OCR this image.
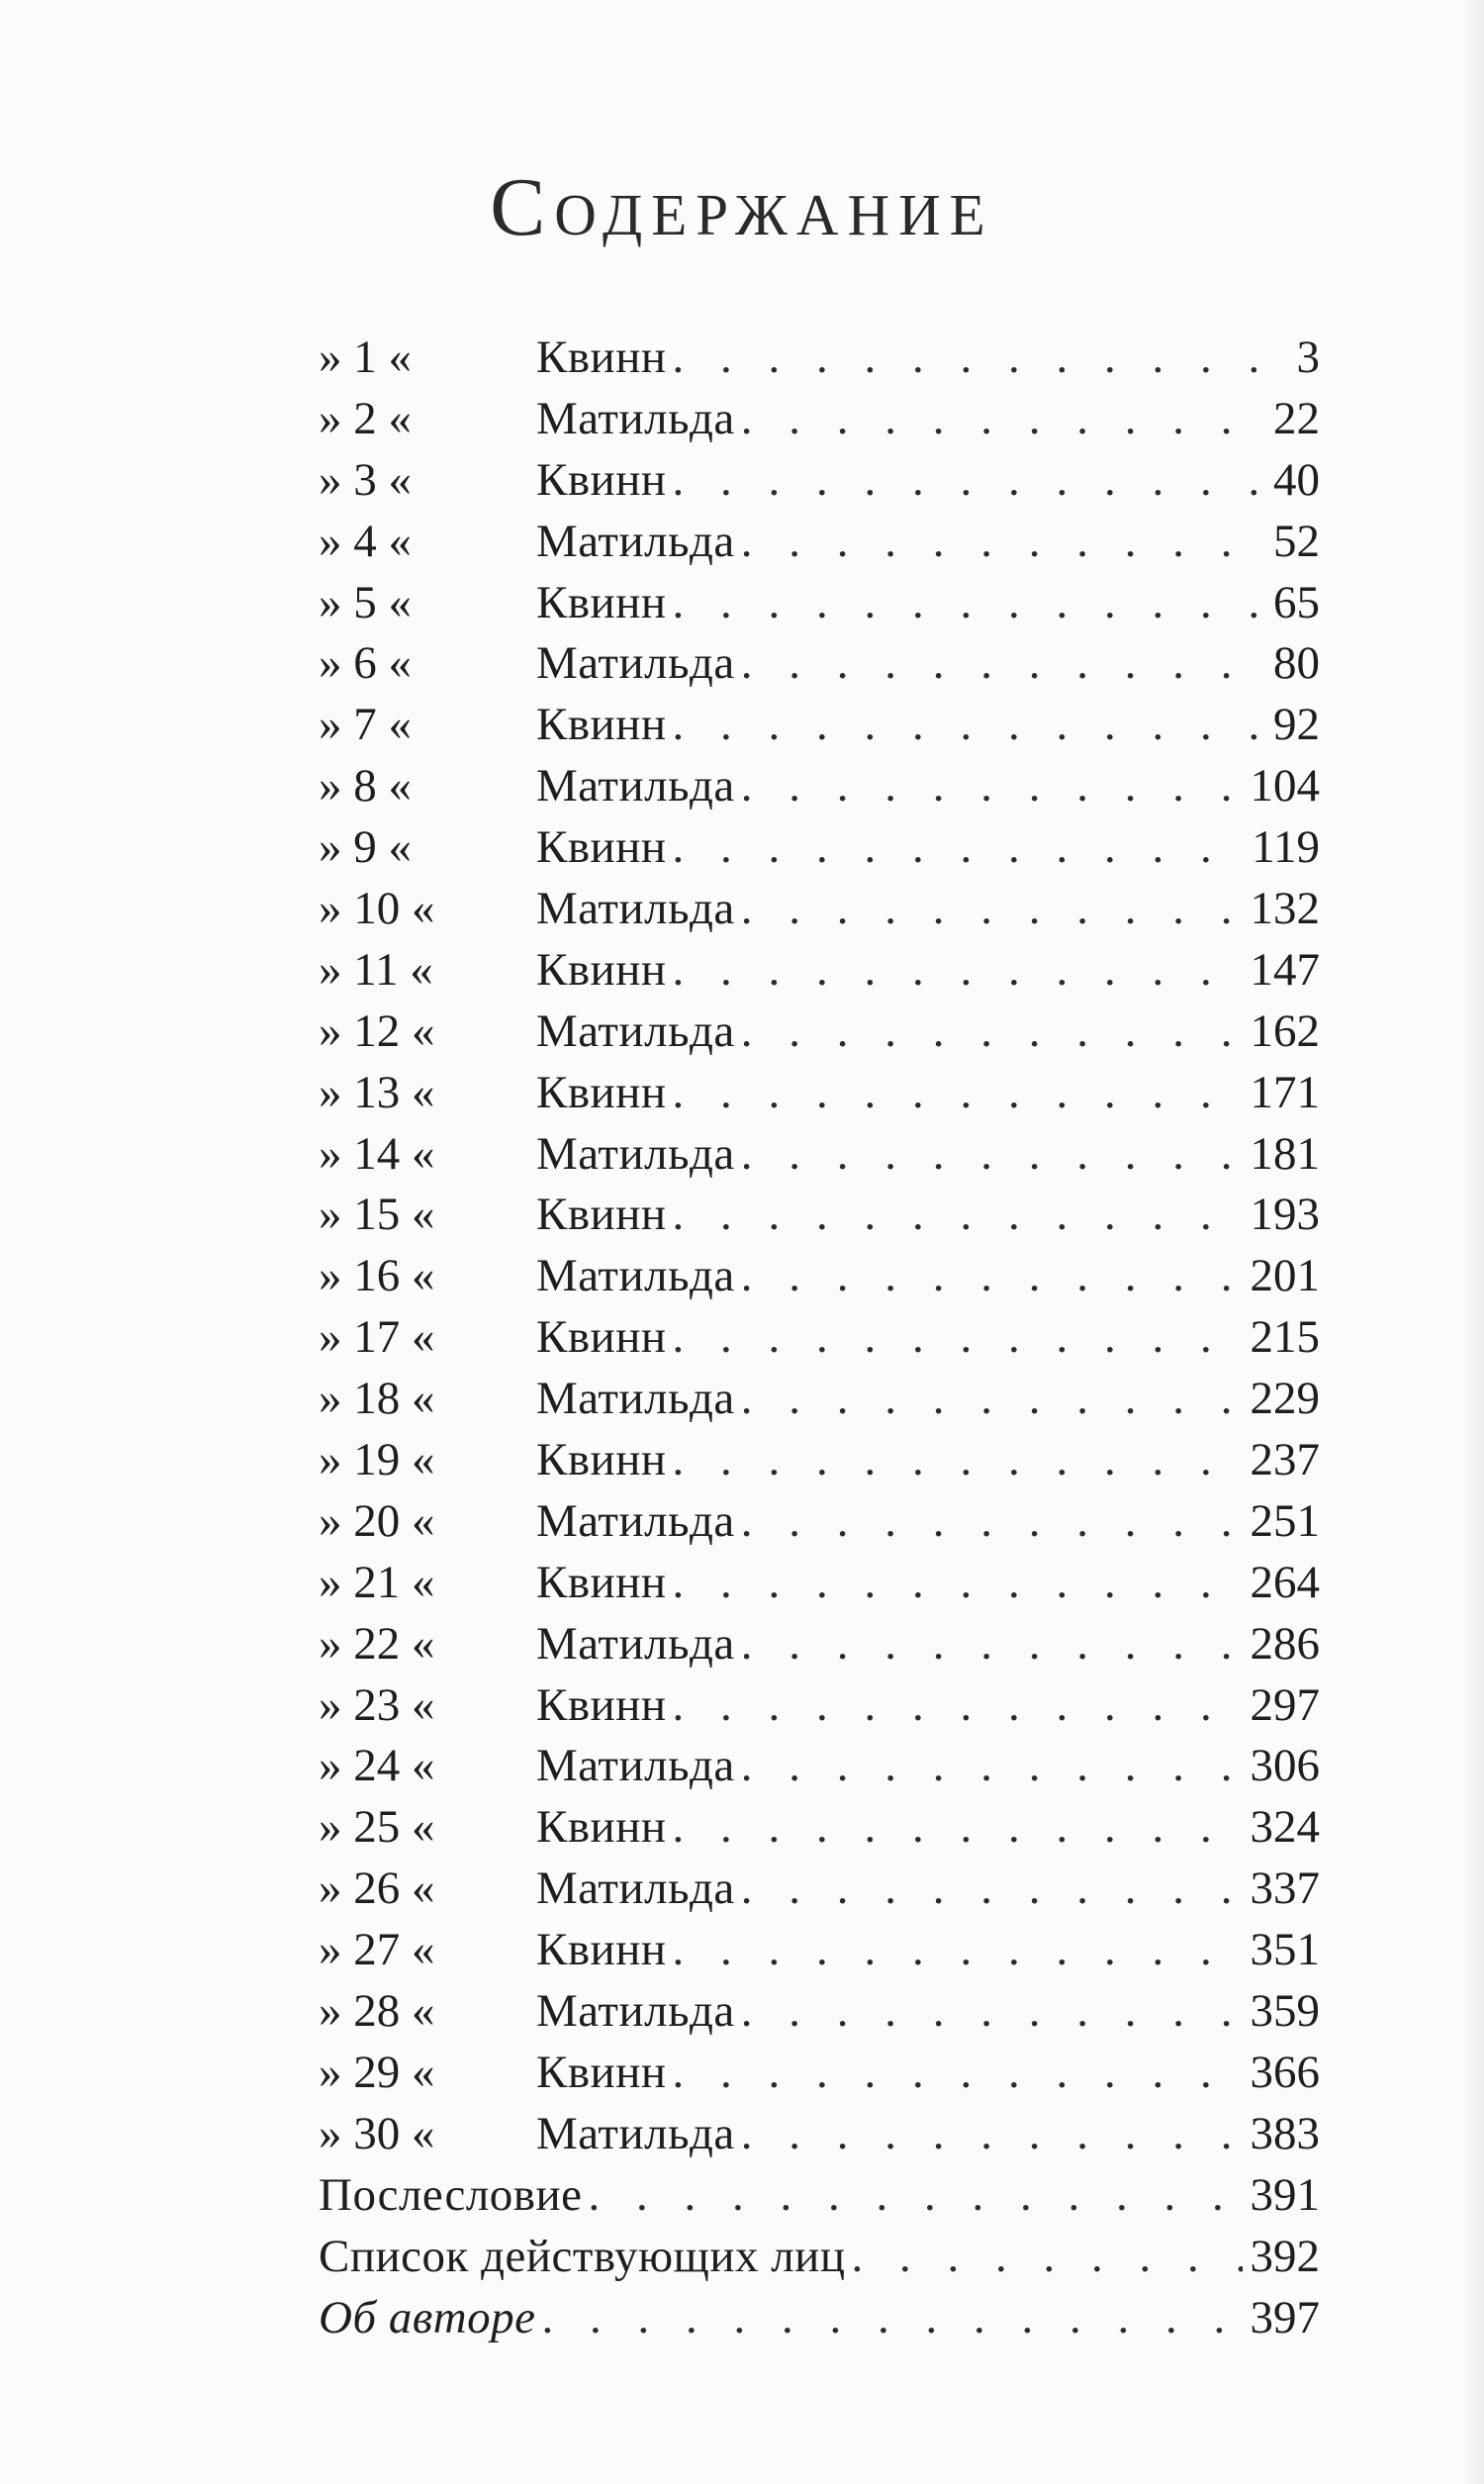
Содержание
» 1 «	Квинн . . .	3
» 2 «	Матильда . . .	22
» 3 «	Квинн . . .	40
» 4 «	Матильда . . .	52
» 5 «	Квинн . . .	65
» 6 «	Матильда . . .	80
» 7 «	Квинн . . .	92
» 8 «	Матильда . . .	104
» 9 «	Квинн . . .	119
» 10 «	Матильда . . .	132
» 11 «	Квинн . . .	147
» 12 «	Матильда . . .	162
» 13 «	Квинн . . .	171
» 14 «	Матильда . . .	181
» 15 «	Квинн . . .	193
» 16 «	Матильда . . .	201
» 17 «	Квинн . . .	215
» 18 «	Матильда . . .	229
» 19 «	Квинн . . .	237
» 20 «	Матильда . . .	251
» 21 «	Квинн . . .	264
» 22 «	Матильда . . .	286
» 23 «	Квинн . . .	297
» 24 «	Матильда . . .	306
» 25 «	Квинн . . .	324
» 26 «	Матильда . . .	337
» 27 «	Квинн . . .	351
» 28 «	Матильда . . .	359
» 29 «	Квинн . . .	366
» 30 «	Матильда . . .	383
Послесловие . . .	391
Список действующих лиц . . .	392
Об авторе . . .	397
